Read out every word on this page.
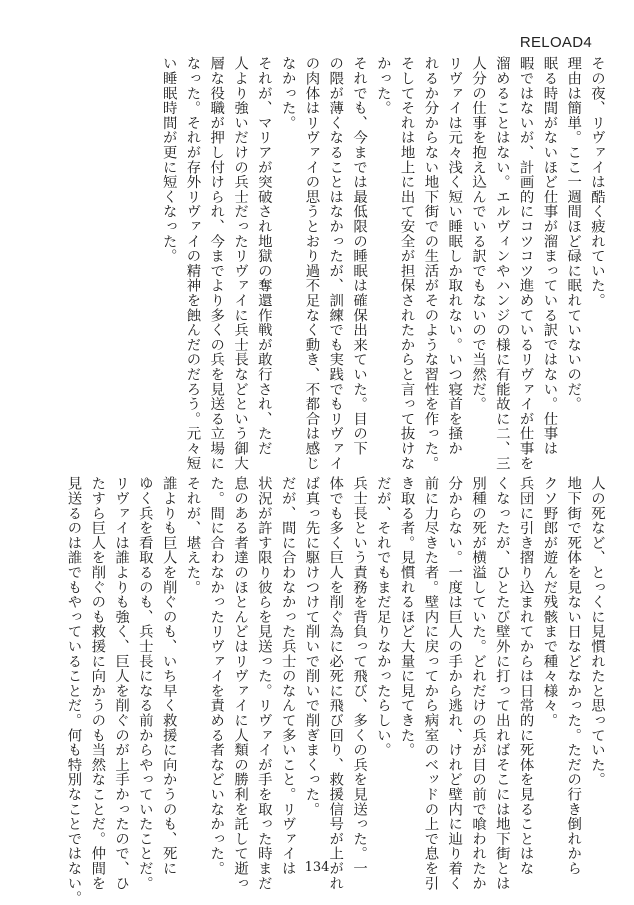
RELOAD4
その夜、リヴァイは酷く疲れていた。
理由は簡単。ここ一週間ほど碌に眠れていないのだ。
眠る時間がないほど仕事が溜まっている訳ではない。仕事は
暇ではないが、計画的にコツコツ進めているリヴァイが仕事を
溜めることはない。エルヴィンやハンジの様に有能故に二、三
人分の仕事を抱え込んでいる訳でもないので当然だ。
リヴァイは元々浅く短い睡眠しか取れない。いつ寝首を掻か
れるか分からない地下街での生活がそのような習性を作った。
そしてそれは地上に出て安全が担保されたからと言って抜けな
かった。
それでも、今までは最低限の睡眠は確保出来ていた。目の下
の隈が薄くなることはなかったが、訓練でも実践でもリヴァイ
の肉体はリヴァイの思うとおり過不足なく動き、不都合は感じ
なかった。
それが、マリアが突破され地獄の奪還作戦が敢行され、ただ
人より強いだけの兵士だったリヴァイに兵士長などという御大
層な役職が押し付けられ、今までより多くの兵を見送る立場に
なった。それが存外リヴァイの精神を蝕んだのだろう。元々短
い睡眠時間が更に短くなった。
人の死など、とっくに見慣れたと思っていた。
地下街で死体を見ない日などなかった。ただの行き倒れから
クソ野郎が遊んだ残骸まで種々様々。
兵団に引き摺り込まれてからは日常的に死体を見ることはな
くなったが、ひとたび壁外に打って出ればそこには地下街とは
別種の死が横溢していた。どれだけの兵が目の前で喰われたか
分からない。一度は巨人の手から逃れ、けれど壁内に辿り着く
前に力尽きた者。壁内に戻ってから病室のベッドの上で息を引
き取る者。見慣れるほど大量に見てきた。
だが、それでもまだ足りなかったらしい。
兵士長という責務を背負って飛び、多くの兵を見送った。一
体でも多く巨人を削ぐ為に必死に飛び回り、救援信号が上がれ
ば真っ先に駆けつけて削いで削いで削ぎまくった。
だが、間に合わなかった兵士のなんて多いこと。リヴァイは
状況が許す限り彼らを見送った。リヴァイが手を取った時まだ
息のある者達のほとんどはリヴァイに人類の勝利を託して逝っ
た。間に合わなかったリヴァイを責める者などいなかった。
それが、堪えた。
誰よりも巨人を削ぐのも、いち早く救援に向かうのも、死に
ゆく兵を看取るのも、兵士長になる前からやっていたことだ。
リヴァイは誰よりも強く、巨人を削ぐのが上手かったので、ひ
たすら巨人を削ぐのも救援に向かうのも当然なことだ。仲間を
見送るのは誰でもやっていることだ。何も特別なことではない。	134
